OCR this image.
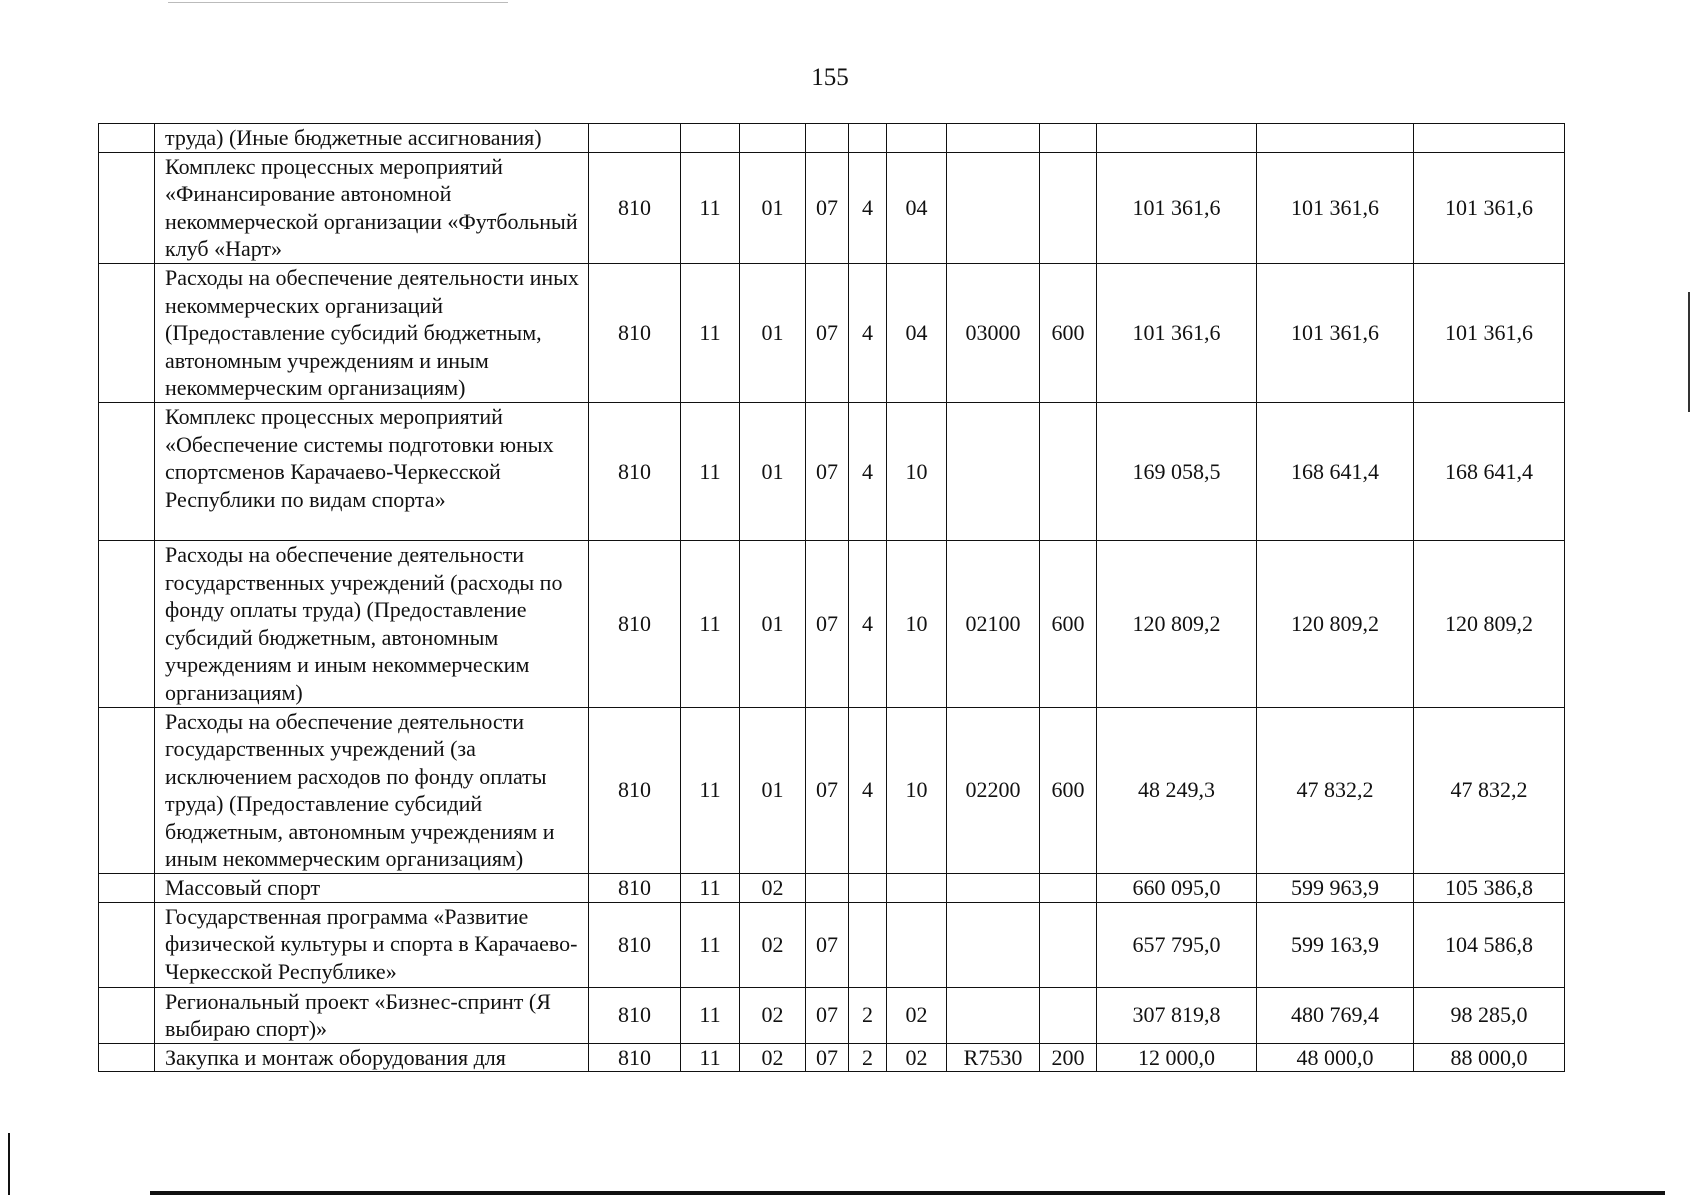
155
	труда) (Иные бюджетные ассигнования)											
	Комплекс процессных мероприятий «Финансирование автономной некоммерческой организации «Футбольный клуб «Нарт»	810	11	01	07	4	04			101 361,6	101 361,6	101 361,6
	Расходы на обеспечение деятельности иных некоммерческих организаций (Предоставление субсидий бюджетным, автономным учреждениям и иным некоммерческим организациям)	810	11	01	07	4	04	03000	600	101 361,6	101 361,6	101 361,6
	Комплекс процессных мероприятий «Обеспечение системы подготовки юных спортсменов Карачаево-Черкесской Республики по видам спорта»	810	11	01	07	4	10			169 058,5	168 641,4	168 641,4
	Расходы на обеспечение деятельности государственных учреждений (расходы по фонду оплаты труда) (Предоставление субсидий бюджетным, автономным учреждениям и иным некоммерческим организациям)	810	11	01	07	4	10	02100	600	120 809,2	120 809,2	120 809,2
	Расходы на обеспечение деятельности государственных учреждений (за исключением расходов по фонду оплаты труда) (Предоставление субсидий бюджетным, автономным учреждениям и иным некоммерческим организациям)	810	11	01	07	4	10	02200	600	48 249,3	47 832,2	47 832,2
	Массовый спорт	810	11	02						660 095,0	599 963,9	105 386,8
	Государственная программа «Развитие физической культуры и спорта в Карачаево-Черкесской Республике»	810	11	02	07					657 795,0	599 163,9	104 586,8
	Региональный проект «Бизнес-спринт (Я выбираю спорт)»	810	11	02	07	2	02			307 819,8	480 769,4	98 285,0
	Закупка и монтаж оборудования для	810	11	02	07	2	02	R7530	200	12 000,0	48 000,0	88 000,0
